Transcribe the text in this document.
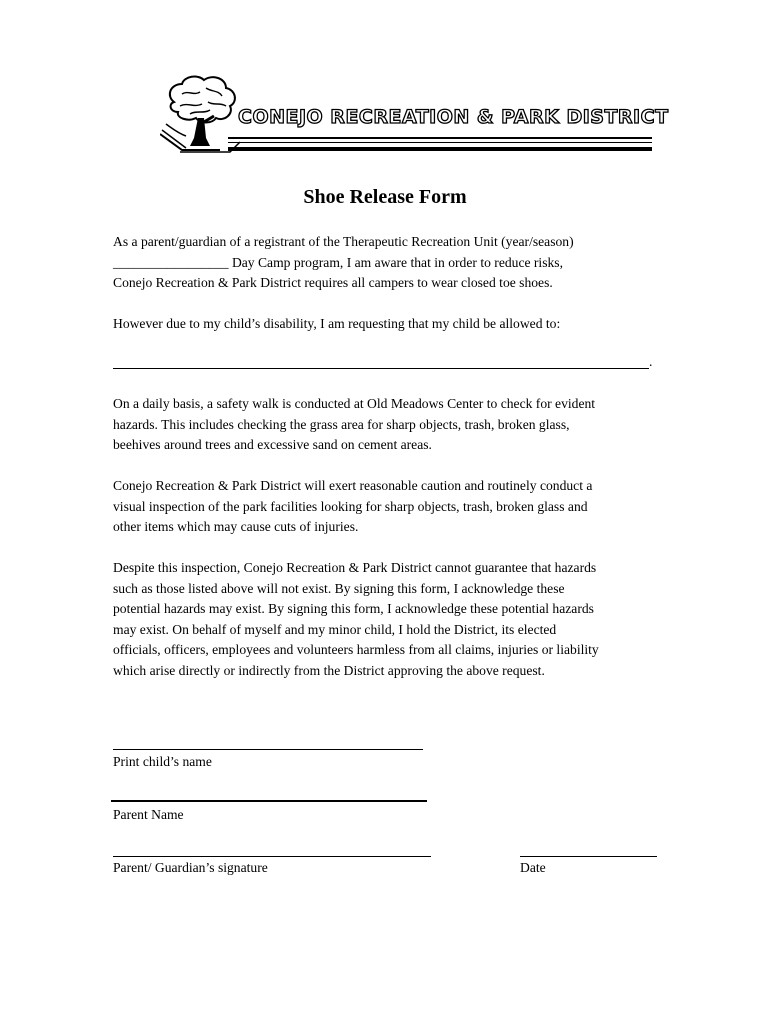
CONEJO RECREATION & PARK DISTRICT
Shoe Release Form

As a parent/guardian of a registrant of the Therapeutic Recreation Unit (year/season)
_________________ Day Camp program, I am aware that in order to reduce risks,
Conejo Recreation & Park District requires all campers to wear closed toe shoes.

However due to my child’s disability, I am requesting that my child be allowed to:

.

On a daily basis, a safety walk is conducted at Old Meadows Center to check for evident
hazards. This includes checking the grass area for sharp objects, trash, broken glass,
beehives around trees and excessive sand on cement areas.

Conejo Recreation & Park District will exert reasonable caution and routinely conduct a
visual inspection of the park facilities looking for sharp objects, trash, broken glass and
other items which may cause cuts of injuries.

Despite this inspection, Conejo Recreation & Park District cannot guarantee that hazards
such as those listed above will not exist. By signing this form, I acknowledge these
potential hazards may exist. By signing this form, I acknowledge these potential hazards
may exist. On behalf of myself and my minor child, I hold the District, its elected
officials, officers, employees and volunteers harmless from all claims, injuries or liability
which arise directly or indirectly from the District approving the above request.

Print child’s name
Parent Name
Parent/ Guardian’s signature	Date
